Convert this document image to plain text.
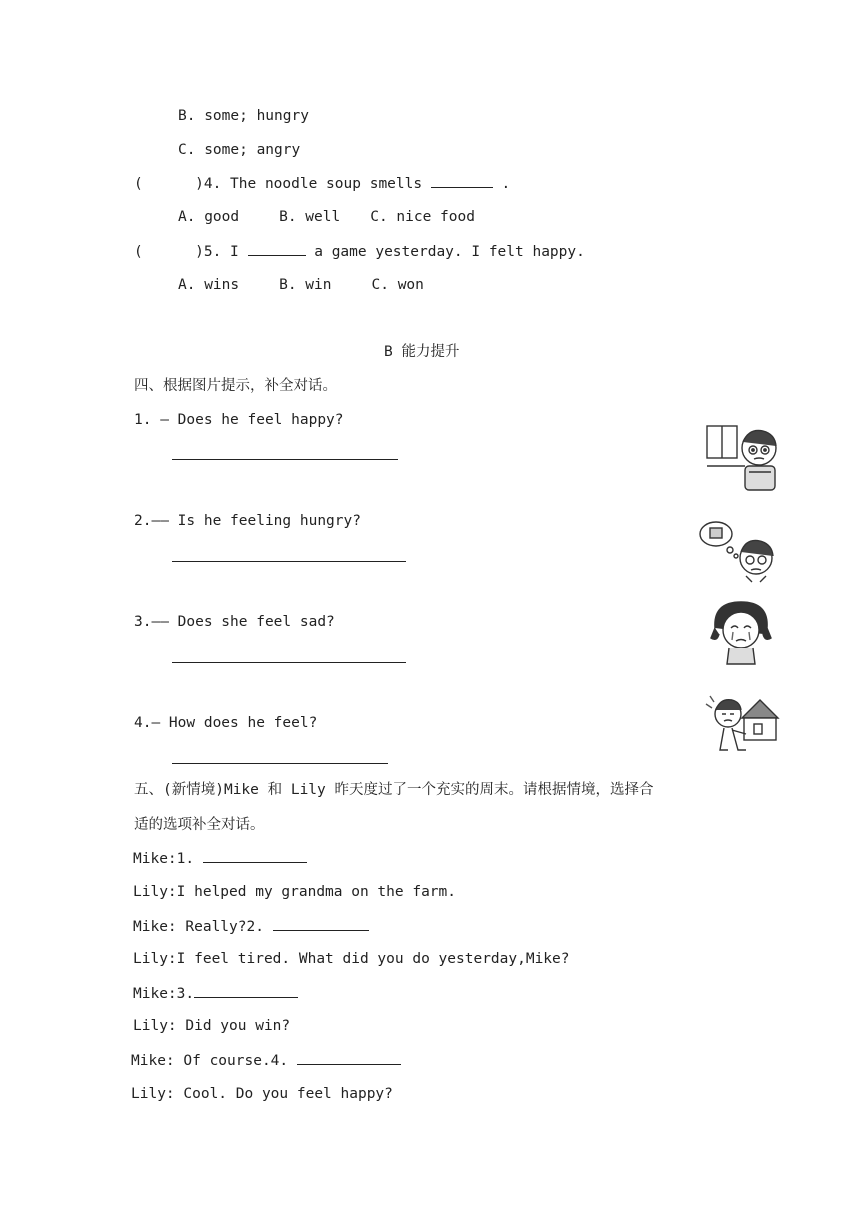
B. some; hungry
C. some; angry
(      )4. The noodle soup smells	.
A. good	B. well C. nice food
(      )5. I	a game yesterday. I felt happy.
A. wins	B. win	C. won
B 能力提升
四、根据图片提示，补全对话。
1. — Does he feel happy?
2.—— Is he feeling hungry?
3.—— Does she feel sad?
4.— How does he feel?
五、(新情境)Mike 和 Lily 昨天度过了一个充实的周末。请根据情境，选择合
适的选项补全对话。
Mike:1.
Lily:I helped my grandma on the farm.
Mike: Really?2.
Lily:I feel tired. What did you do yesterday,Mike?
Mike:3.
Lily: Did you win?
Mike: Of course.4.
Lily: Cool. Do you feel happy?
